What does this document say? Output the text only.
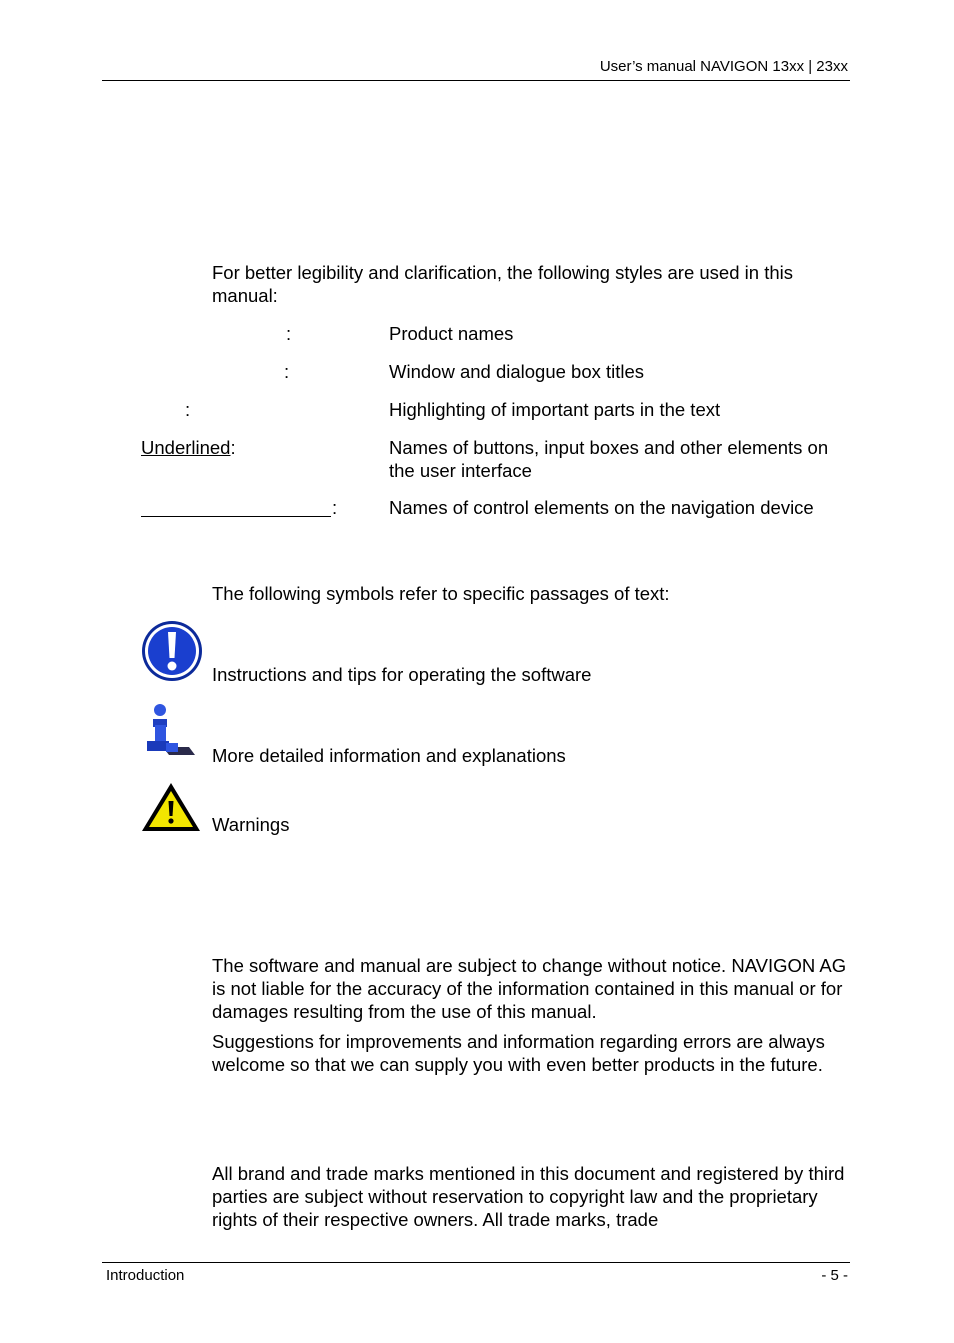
User’s manual NAVIGON 13xx | 23xx
For better legibility and clarification, the following styles are used in this manual:
:	Product names
:	Window and dialogue box titles
:	Highlighting of important parts in the text
Underlined:	Names of buttons, input boxes and other elements on the user interface
:	Names of control elements on the navigation device
The following symbols refer to specific passages of text:
Instructions and tips for operating the software
More detailed information and explanations
Warnings
The software and manual are subject to change without notice. NAVIGON AG is not liable for the accuracy of the information contained in this manual or for damages resulting from the use of this manual.
Suggestions for improvements and information regarding errors are always welcome so that we can supply you with even better products in the future.
All brand and trade marks mentioned in this document and registered by third parties are subject without reservation to copyright law and the proprietary rights of their respective owners. All trade marks, trade
Introduction	- 5 -
